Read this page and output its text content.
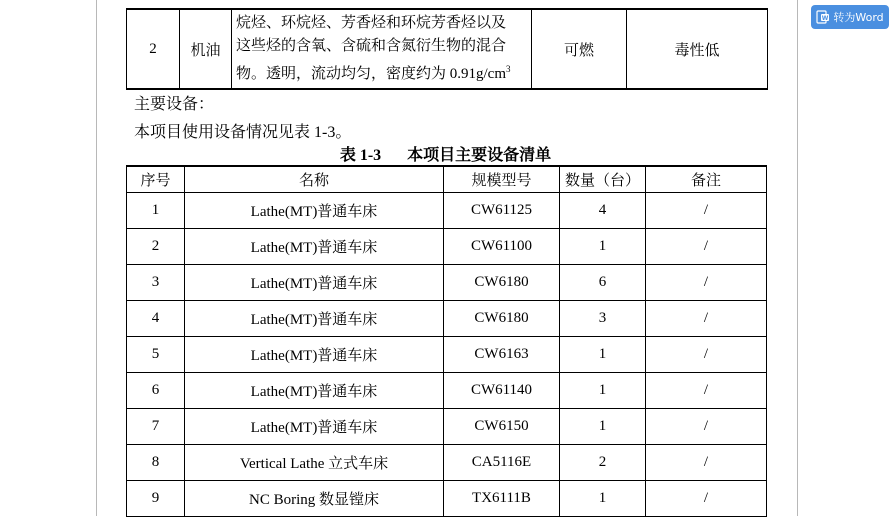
W 转为Word
2	机油	烷烃、环烷烃、芳香烃和环烷芳香烃以及
这些烃的含氧、含硫和含氮衍生物的混合
物。透明，流动均匀，密度约为 $0.91g/cm^3$	可燃	毒性低
主要设备：
本项目使用设备情况见表 1-3。
表 1-3 本项目主要设备清单
序号	名称	规模型号	数量（台）	备注
1	Lathe(MT)普通车床	CW61125	4	/
2	Lathe(MT)普通车床	CW61100	1	/
3	Lathe(MT)普通车床	CW6180	6	/
4	Lathe(MT)普通车床	CW6180	3	/
5	Lathe(MT)普通车床	CW6163	1	/
6	Lathe(MT)普通车床	CW61140	1	/
7	Lathe(MT)普通车床	CW6150	1	/
8	Vertical Lathe 立式车床	CA5116E	2	/
9	NC Boring 数显镗床	TX6111B	1	/
